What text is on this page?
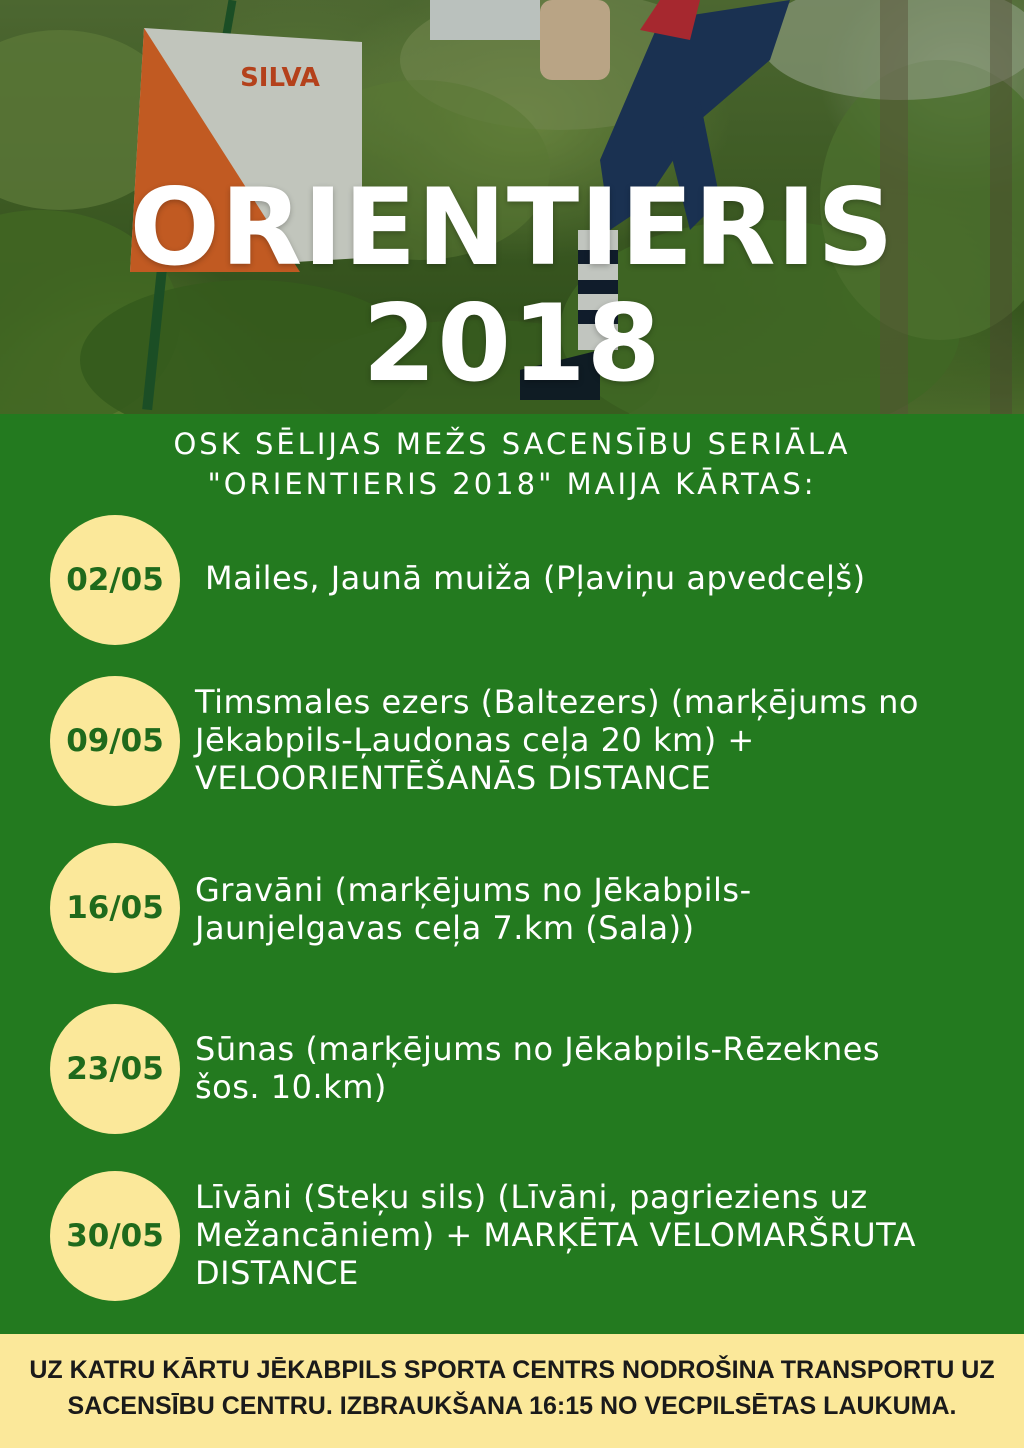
SILVA
ORIENTIERIS
2018
OSK SĒLIJAS MEŽS SACENSĪBU SERIĀLA
"ORIENTIERIS 2018" MAIJA KĀRTAS:
02/05	Mailes, Jaunā muiža (Pļaviņu apvedceļš)
09/05
Timsmales ezers (Baltezers) (marķējums no
Jēkabpils-Ļaudonas ceļa 20 km) +
VELOORIENTĒŠANĀS DISTANCE
16/05 Gravāni (marķējums no Jēkabpils-
Jaunjelgavas ceļa 7.km (Sala))
23/05
Sūnas (marķējums no Jēkabpils-Rēzeknes
šos. 10.km)
30/05
Līvāni (Steķu sils) (Līvāni, pagrieziens uz
Mežancāniem) + MARĶĒTA VELOMARŠRUTA
DISTANCE
UZ KATRU KĀRTU JĒKABPILS SPORTA CENTRS NODROŠINA TRANSPORTU UZ
SACENSĪBU CENTRU. IZBRAUKŠANA 16:15 NO VECPILSĒTAS LAUKUMA.
